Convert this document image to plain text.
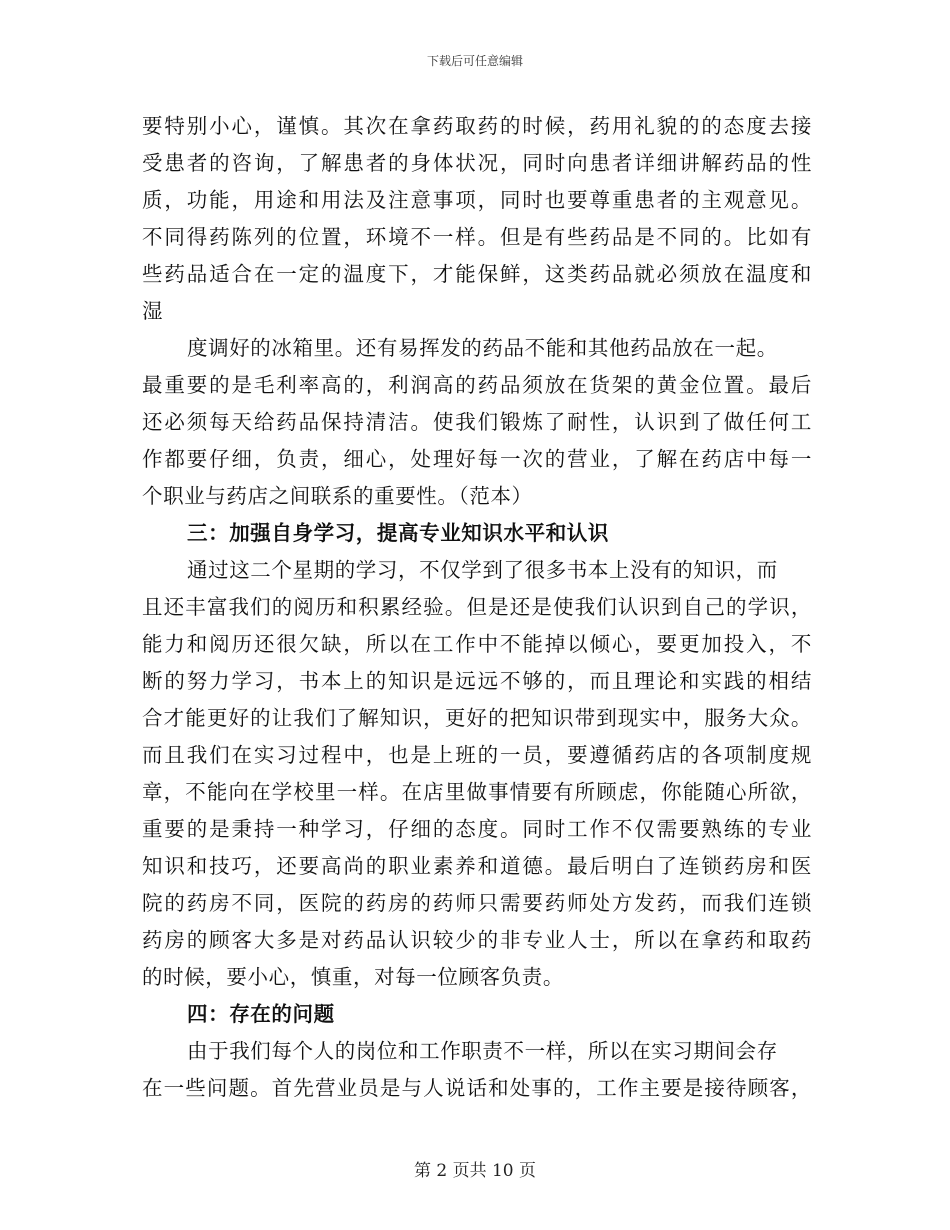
下载后可任意编辑
要特别小心，谨慎。其次在拿药取药的时候，药用礼貌的的态度去接
受患者的咨询，了解患者的身体状况，同时向患者详细讲解药品的性
质，功能，用途和用法及注意事项，同时也要尊重患者的主观意见。
不同得药陈列的位置，环境不一样。但是有些药品是不同的。比如有
些药品适合在一定的温度下，才能保鲜，这类药品就必须放在温度和
湿
度调好的冰箱里。还有易挥发的药品不能和其他药品放在一起。
最重要的是毛利率高的，利润高的药品须放在货架的黄金位置。最后
还必须每天给药品保持清洁。使我们锻炼了耐性，认识到了做任何工
作都要仔细，负责，细心，处理好每一次的营业，了解在药店中每一
个职业与药店之间联系的重要性。（范本）
三：加强自身学习，提高专业知识水平和认识
通过这二个星期的学习，不仅学到了很多书本上没有的知识，而
且还丰富我们的阅历和积累经验。但是还是使我们认识到自己的学识，
能力和阅历还很欠缺，所以在工作中不能掉以倾心，要更加投入，不
断的努力学习，书本上的知识是远远不够的，而且理论和实践的相结
合才能更好的让我们了解知识，更好的把知识带到现实中，服务大众。
而且我们在实习过程中，也是上班的一员，要遵循药店的各项制度规
章，不能向在学校里一样。在店里做事情要有所顾虑，你能随心所欲，
重要的是秉持一种学习，仔细的态度。同时工作不仅需要熟练的专业
知识和技巧，还要高尚的职业素养和道德。最后明白了连锁药房和医
院的药房不同，医院的药房的药师只需要药师处方发药，而我们连锁
药房的顾客大多是对药品认识较少的非专业人士，所以在拿药和取药
的时候，要小心，慎重，对每一位顾客负责。
四：存在的问题
由于我们每个人的岗位和工作职责不一样，所以在实习期间会存
在一些问题。首先营业员是与人说话和处事的，工作主要是接待顾客，
第 2 页共 10 页
